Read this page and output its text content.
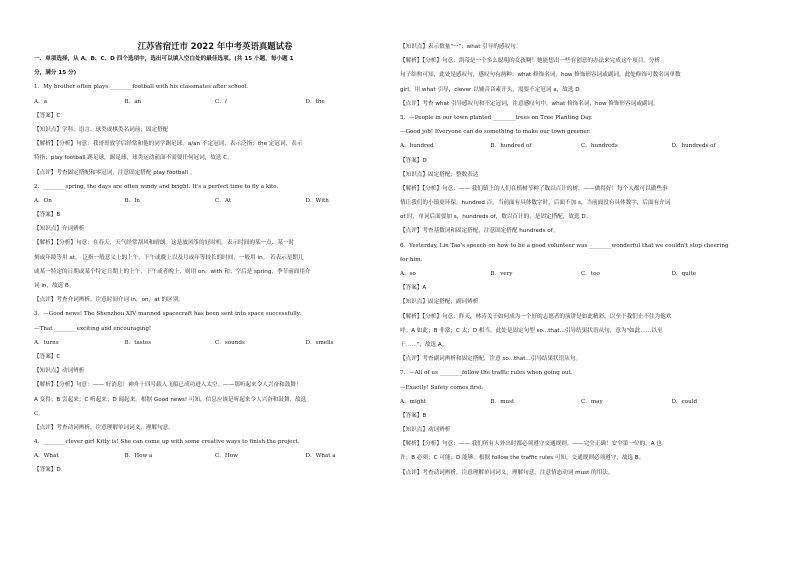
江苏省宿迁市 2022 年中考英语真题试卷
一、单项选择，从 A、B、C、D 四个选项中，选出可以填入空白处的最佳选项。(共 15 小题，每小题 1
分，满分 15 分)
1．My brother often plays ________football with his classmates after school.
A．a	B．an	C．/	D．the
【答案】C
【知识点】学科、语言、球类或棋类名词前；固定搭配
【解析】【分析】句意：我哥哥放学后经常和他的同学踢足球。a/an 不定冠词，表示泛指；the 定冠词，表示
特指；play football 踢足球，踢足球，球类运动前面不需要任何冠词，故选 C。
【点评】考查固定搭配和零冠词，注意固定搭配 play football 。
2．________spring, the days are often windy and bright. It's a perfect time to fly a kite.
A．On	B．In	C．At	D．With
【答案】B
【知识点】介词辨析
【解析】【分析】句意：在春天，天气经常刮风和晴朗。这是放风筝的好时机。表示时间的某一点、某一时
刻或年龄等用 at。 泛指一般意义上的上午、下午或晚上以及月或年等较长的时间，一般用 in。 若表示星期几
或某一特定的日期或某个特定日期上的上午，下午或者晚上，则用 on。with 和；空后是 spring，季节前面用介
词 in，故选 B。
【点评】考查介词辨析。注意时间介词 in，on，at 的区别。
3．—Good news! The Shenzhou XIV manned spacecraft has been sent into space successfully.
—That ________exciting and encouraging!
A．turns	B．tastes	C．sounds	D．smells
【答案】C
【知识点】动词辨析
【解析】【分析】句意：—— 好消息！神舟十四号载人飞船已成功进入太空。——那听起来令人兴奋和鼓舞！
A 变得；B 尝起来；C 听起来；D 闻起来。根据 Good news! 可知，信息应该是听起来令人兴奋和鼓舞，故选
C。
【点评】考查动词辨析，注意理解单词词义，理解句意。
4．________clever girl Kitty is! She can come up with some creative ways to finish the project.
A．What	B．How a	C．How	D．What a
【答案】D
【知识点】表示数量"一"；what 引导的感叹句
【解析】【分析】句意：凯蒂是一个多么聪明的女孩啊！她能想出一些有创意的办法来完成这个项目。分析
句子结构可知，此处是感叹句，感叹句有两种：what 修饰名词，how 修饰形容词或副词，此处修饰可数名词单数
girl，用 what 引导，clever 以辅音音素开头，需要不定冠词 a，故选 D。
【点评】考查 what 引导感叹句和不定冠词，注意感叹句中，what 修饰名词，how 修饰形容词或副词。
5．—People in our town planted ________trees on Tree Planting Day.
—Good job! Everyone can do something to make our town greener.
A．hundred	B．hundred of	C．hundreds	D．hundreds of
【答案】D
【知识点】固定搭配；整数表达
【解析】【分析】句意：—— 我们镇上的人们在植树节种了数以百计的树。——做得好！每个人都可以做些事
情让我们的小镇更环保。hundred 百，当前面有具体数字时，后面不加 s，当前面没有具体数字，后面有介词
of 时，单词后面要加 s，hundreds of，数以百计的，是固定搭配，故选 D。
【点评】考查基数词和固定搭配，注意固定搭配 hundreds of。
6．Yesterday, Lin Tao's speech on how to be a good volunteer was ________wonderful that we couldn't stop cheering
for him.
A．so	B．very	C．too	D．quite
【答案】A
【知识点】固定搭配；副词辨析
【解析】【分析】句意：昨天，林涛关于如何成为一个好的志愿者的演讲是如此精彩，以至于我们止不住为他欢
呼。A 如此；B 非常；C 太；D 相当。此处是固定句型 so...that...引导结果状语从句，意为"如此……以至
于……"，故选 A。
【点评】考查副词辨析和固定搭配，注意 so...that...引导结果状语从句。
7．—All of us ________follow the traffic rules when going out.
—Exactly! Safety comes first.
A．might	B．must	C．may	D．could
【答案】B
【知识点】动词辨析
【解析】【分析】句意：—— 我们所有人外出时都必须遵守交通规则。——完全正确！安全第一位的。A 也
许；B 必须；C 可能；D 能够。根据 follow the traffic rules 可知，交通规则必须遵守，故选 B。
【点评】考查动词辨析，注意理解单词词义，理解句意，注意情态动词 must 的用法。
